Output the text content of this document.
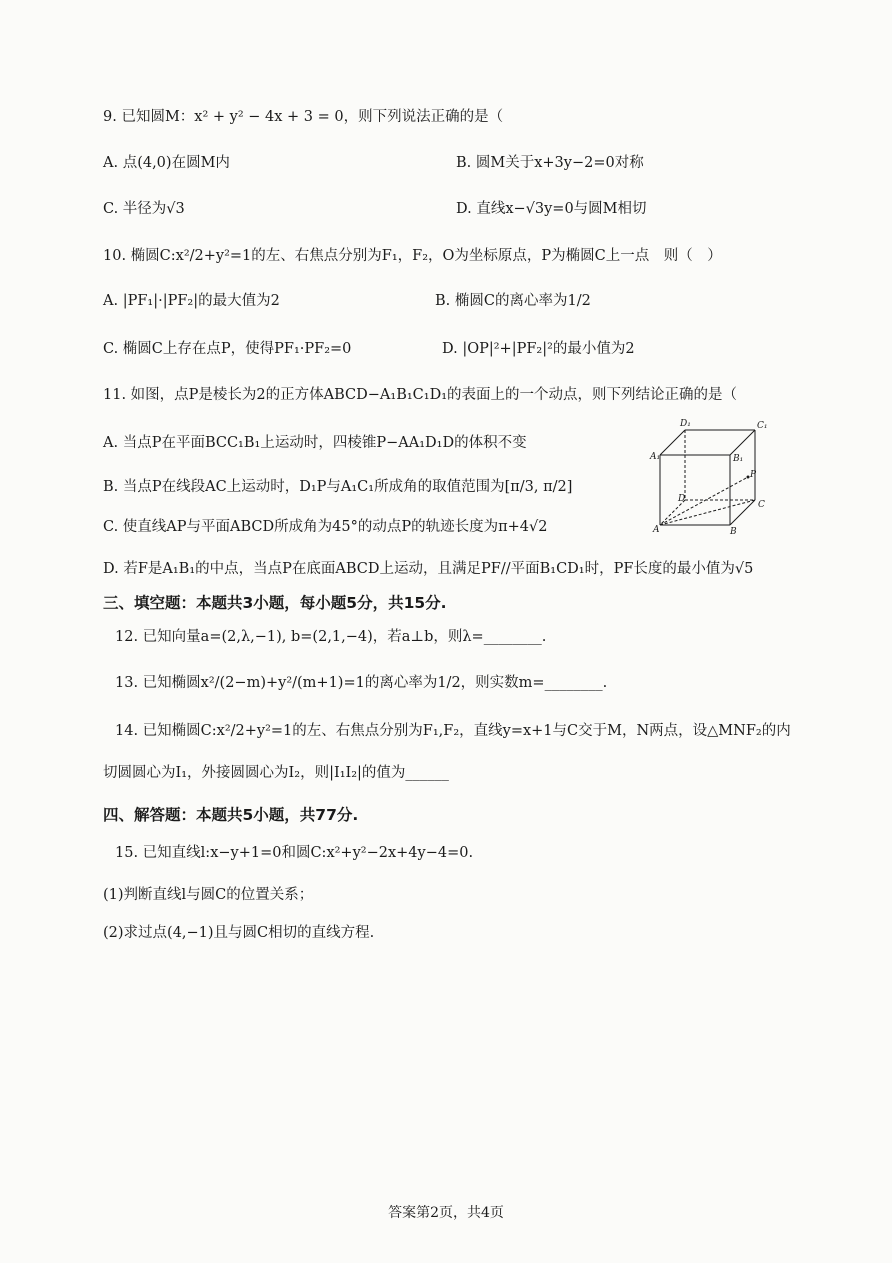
9. 已知圆M：x² + y² − 4x + 3 = 0，则下列说法正确的是（
A. 点(4,0)在圆M内	B. 圆M关于x+3y−2=0对称
C. 半径为√3	D. 直线x−√3y=0与圆M相切
10. 椭圆C:x²/2+y²=1的左、右焦点分别为F₁，F₂，O为坐标原点，P为椭圆C上一点　则（　）
A. |PF₁|·|PF₂|的最大值为2	B. 椭圆C的离心率为1/2
C. 椭圆C上存在点P，使得PF₁·PF₂=0	D. |OP|²+|PF₂|²的最小值为2
11. 如图，点P是棱长为2的正方体ABCD−A₁B₁C₁D₁的表面上的一个动点，则下列结论正确的是（
A. 当点P在平面BCC₁B₁上运动时，四棱锥P−AA₁D₁D的体积不变
B. 当点P在线段AC上运动时，D₁P与A₁C₁所成角的取值范围为[π/3, π/2]
C. 使直线AP与平面ABCD所成角为45°的动点P的轨迹长度为π+4√2
D. 若F是A₁B₁的中点，当点P在底面ABCD上运动，且满足PF//平面B₁CD₁时，PF长度的最小值为√5
D₁	C₁
A₁	B₁
P
D
C
A	B
三、填空题：本题共3小题，每小题5分，共15分.
12. 已知向量a=(2,λ,−1), b=(2,1,−4)，若a⊥b，则λ=________.
13. 已知椭圆x²/(2−m)+y²/(m+1)=1的离心率为1/2，则实数m=________.
14. 已知椭圆C:x²/2+y²=1的左、右焦点分别为F₁,F₂，直线y=x+1与C交于M，N两点，设△MNF₂的内
切圆圆心为I₁，外接圆圆心为I₂，则|I₁I₂|的值为______
四、解答题：本题共5小题，共77分.
15. 已知直线l:x−y+1=0和圆C:x²+y²−2x+4y−4=0.
(1)判断直线l与圆C的位置关系；
(2)求过点(4,−1)且与圆C相切的直线方程.
答案第2页，共4页
